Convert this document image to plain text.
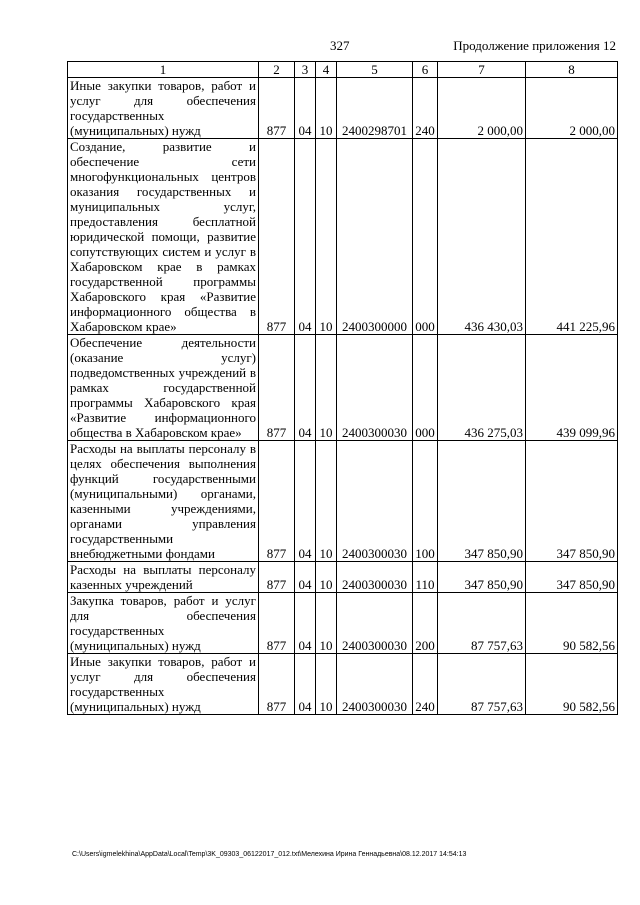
327	Продолжение приложения 12
1	2	3	4	5	6	7	8
Иные закупки товаров, работ и услуг для обеспечения государственных (муниципальных) нужд	877	04	10	2400298701	240	2 000,00	2 000,00
Создание, развитие и обеспечение сети многофункциональных центров оказания государственных и муниципальных услуг, предоставления бесплатной юридической помощи, развитие сопутствующих систем и услуг в Хабаровском крае в рамках государственной программы Хабаровского края «Развитие информационного общества в Хабаровском крае»	877	04	10	2400300000	000	436 430,03	441 225,96
Обеспечение деятельности (оказание услуг) подведомственных учреждений в рамках государственной программы Хабаровского края «Развитие информационного общества в Хабаровском крае»	877	04	10	2400300030	000	436 275,03	439 099,96
Расходы на выплаты персоналу в целях обеспечения выполнения функций государственными (муниципальными) органами, казенными учреждениями, органами управления государственными внебюджетными фондами	877	04	10	2400300030	100	347 850,90	347 850,90
Расходы на выплаты персоналу казенных учреждений	877	04	10	2400300030	110	347 850,90	347 850,90
Закупка товаров, работ и услуг для обеспечения государственных (муниципальных) нужд	877	04	10	2400300030	200	87 757,63	90 582,56
Иные закупки товаров, работ и услуг для обеспечения государственных (муниципальных) нужд	877	04	10	2400300030	240	87 757,63	90 582,56
C:\Users\igmelekhina\AppData\Local\Temp\3K_09303_06122017_012.txt\Мелехина Ирина Геннадьевна\08.12.2017 14:54:13
